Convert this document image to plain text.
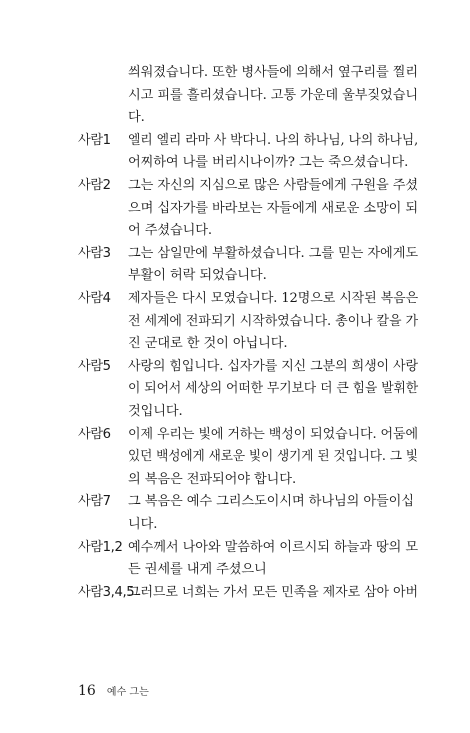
씌워졌습니다. 또한 병사들에 의해서 옆구리를 찔리
시고 피를 흘리셨습니다. 고통 가운데 울부짖었습니
다.
엘리 엘리 라마 사 박다니. 나의 하나님, 나의 하나님,
어찌하여 나를 버리시나이까? 그는 죽으셨습니다.
그는 자신의 지심으로 많은 사람들에게 구원을 주셨
으며 십자가를 바라보는 자들에게 새로운 소망이 되
어 주셨습니다.
그는 삼일만에 부활하셨습니다. 그를 믿는 자에게도
부활이 허락 되었습니다.
제자들은 다시 모였습니다. 12명으로 시작된 복음은
전 세계에 전파되기 시작하였습니다. 총이나 칼을 가
진 군대로 한 것이 아닙니다.
사랑의 힘입니다. 십자가를 지신 그분의 희생이 사랑
이 되어서 세상의 어떠한 무기보다 더 큰 힘을 발휘한
것입니다.
이제 우리는 빛에 거하는 백성이 되었습니다. 어둠에
있던 백성에게 새로운 빛이 생기게 된 것입니다. 그 빛
의 복음은 전파되어야 합니다.
그 복음은 예수 그리스도이시며 하나님의 아들이십
니다.
예수께서 나아와 말씀하여 이르시되 하늘과 땅의 모
든 권세를 내게 주셨으니
그러므로 너희는 가서 모든 민족을 제자로 삼아 아버
사람1
사람2
사람3
사람4
사람5
사람6
사람7
사람1,2
사람3,4,5
16 예수 그는
